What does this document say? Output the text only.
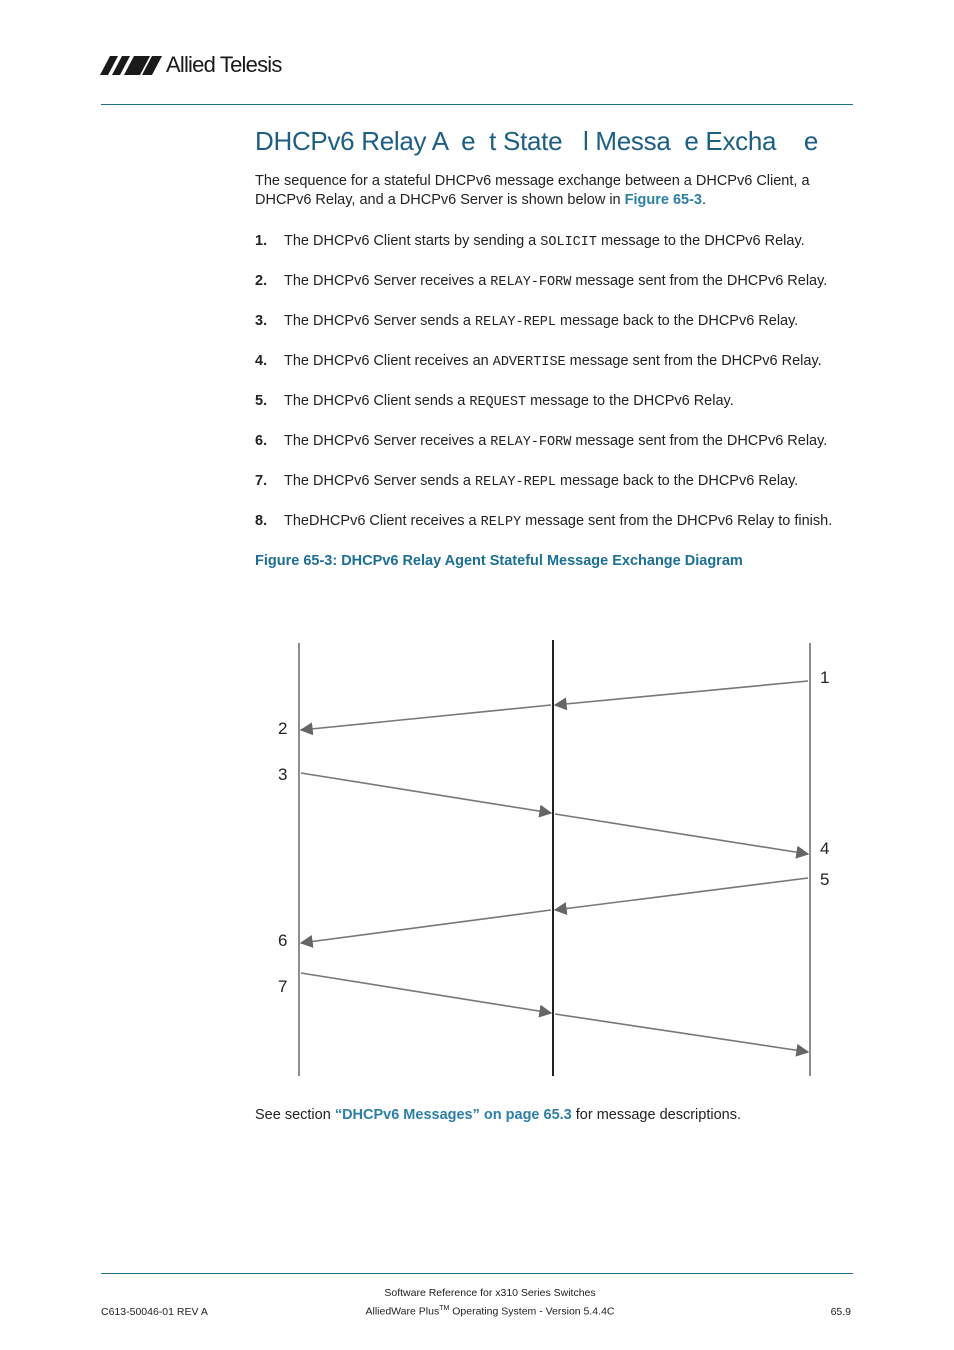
Allied Telesis
DHCPv6 Relay A  e  t State   l Messa  e Excha    e
The sequence for a stateful DHCPv6 message exchange between a DHCPv6 Client, a DHCPv6 Relay, and a DHCPv6 Server is shown below in Figure 65-3.
1.	The DHCPv6 Client starts by sending a SOLICIT message to the DHCPv6 Relay.
2.	The DHCPv6 Server receives a RELAY-FORW message sent from the DHCPv6 Relay.
3.	The DHCPv6 Server sends a RELAY-REPL message back to the DHCPv6 Relay.
4.	The DHCPv6 Client receives an ADVERTISE message sent from the DHCPv6 Relay.
5.	The DHCPv6 Client sends a REQUEST message to the DHCPv6 Relay.
6.	The DHCPv6 Server receives a RELAY-FORW message sent from the DHCPv6 Relay.
7.	The DHCPv6 Server sends a RELAY-REPL message back to the DHCPv6 Relay.
8.	TheDHCPv6 Client receives a RELPY message sent from the DHCPv6 Relay to finish.
Figure 65-3: DHCPv6 Relay Agent Stateful Message Exchange Diagram
1
2
3
4
5
6
7
See section “DHCPv6 Messages” on page 65.3 for message descriptions.
Software Reference for x310 Series Switches
AlliedWare Plus™ Operating System - Version 5.4.4C
C613-50046-01 REV A	65.9
